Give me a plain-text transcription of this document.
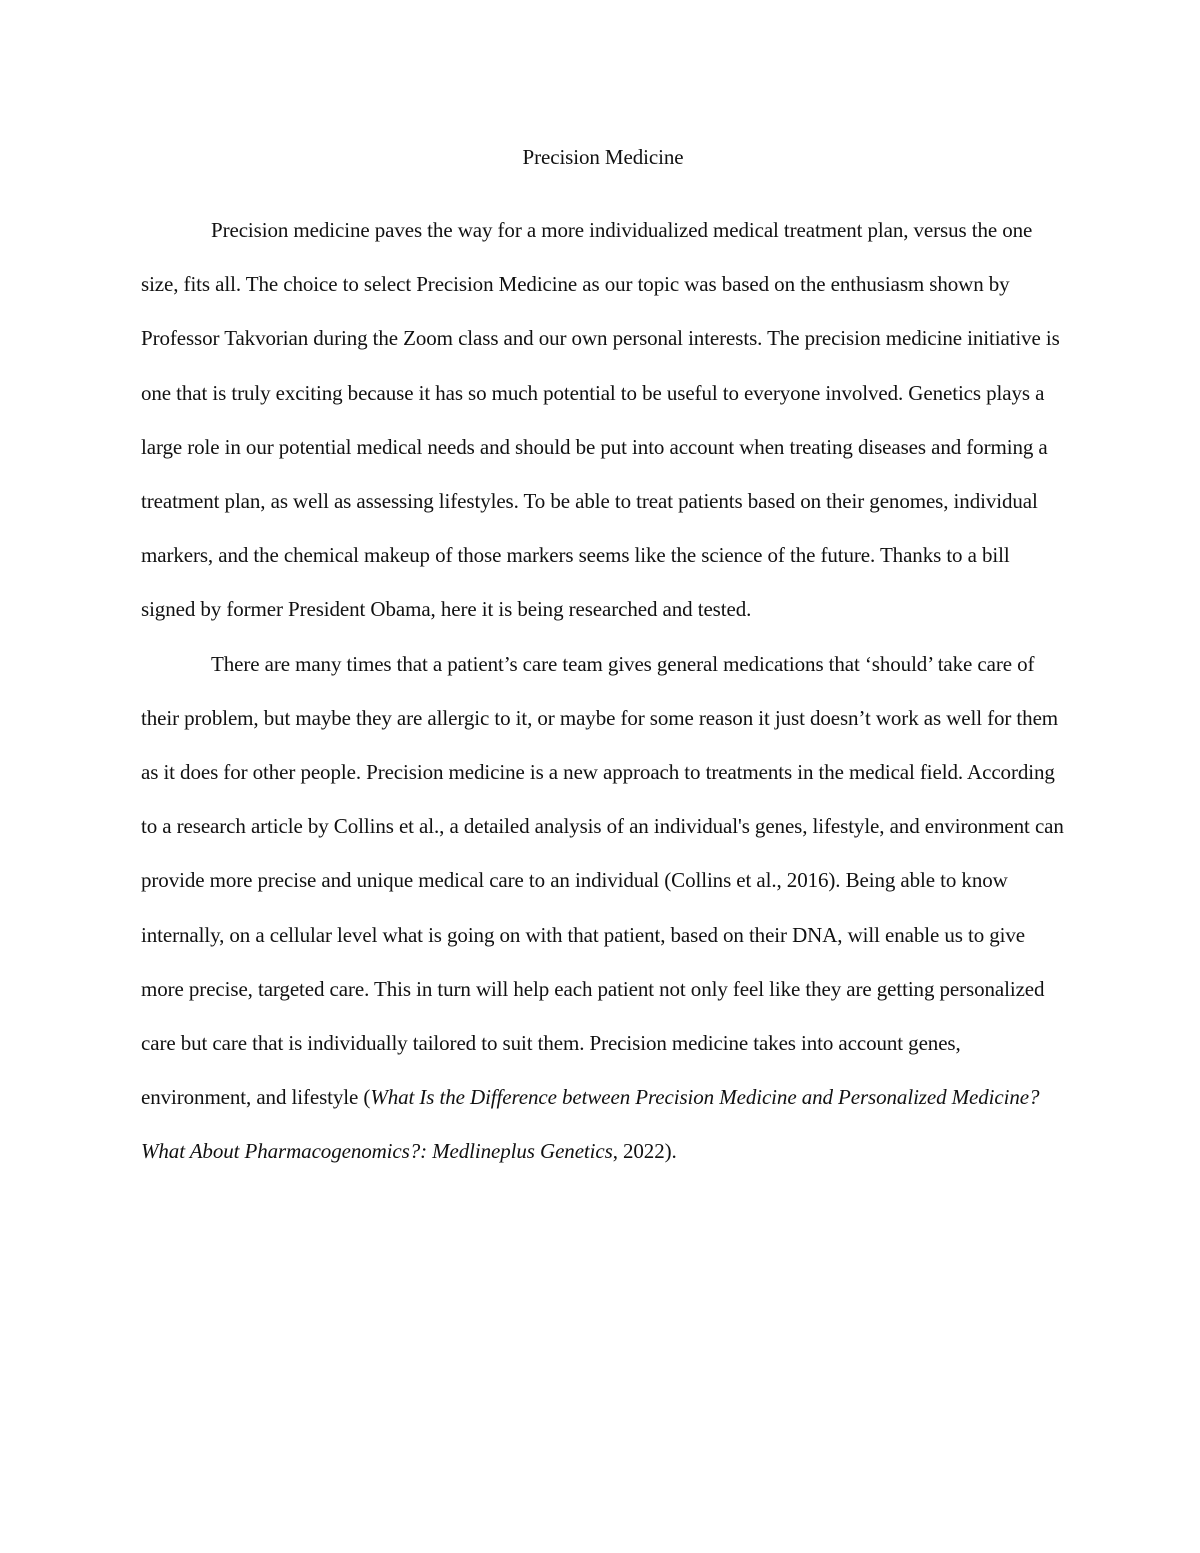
Precision Medicine

Precision medicine paves the way for a more individualized medical treatment plan, versus the one size, fits all. The choice to select Precision Medicine as our topic was based on the enthusiasm shown by Professor Takvorian during the Zoom class and our own personal interests. The precision medicine initiative is one that is truly exciting because it has so much potential to be useful to everyone involved. Genetics plays a large role in our potential medical needs and should be put into account when treating diseases and forming a treatment plan, as well as assessing lifestyles. To be able to treat patients based on their genomes, individual markers, and the chemical makeup of those markers seems like the science of the future. Thanks to a bill signed by former President Obama, here it is being researched and tested.

There are many times that a patient’s care team gives general medications that ‘should’ take care of their problem, but maybe they are allergic to it, or maybe for some reason it just doesn’t work as well for them as it does for other people. Precision medicine is a new approach to treatments in the medical field. According to a research article by Collins et al., a detailed analysis of an individual's genes, lifestyle, and environment can provide more precise and unique medical care to an individual (Collins et al., 2016). Being able to know internally, on a cellular level what is going on with that patient, based on their DNA, will enable us to give more precise, targeted care. This in turn will help each patient not only feel like they are getting personalized care but care that is individually tailored to suit them. Precision medicine takes into account genes, environment, and lifestyle (What Is the Difference between Precision Medicine and Personalized Medicine? What About Pharmacogenomics?: Medlineplus Genetics, 2022).
